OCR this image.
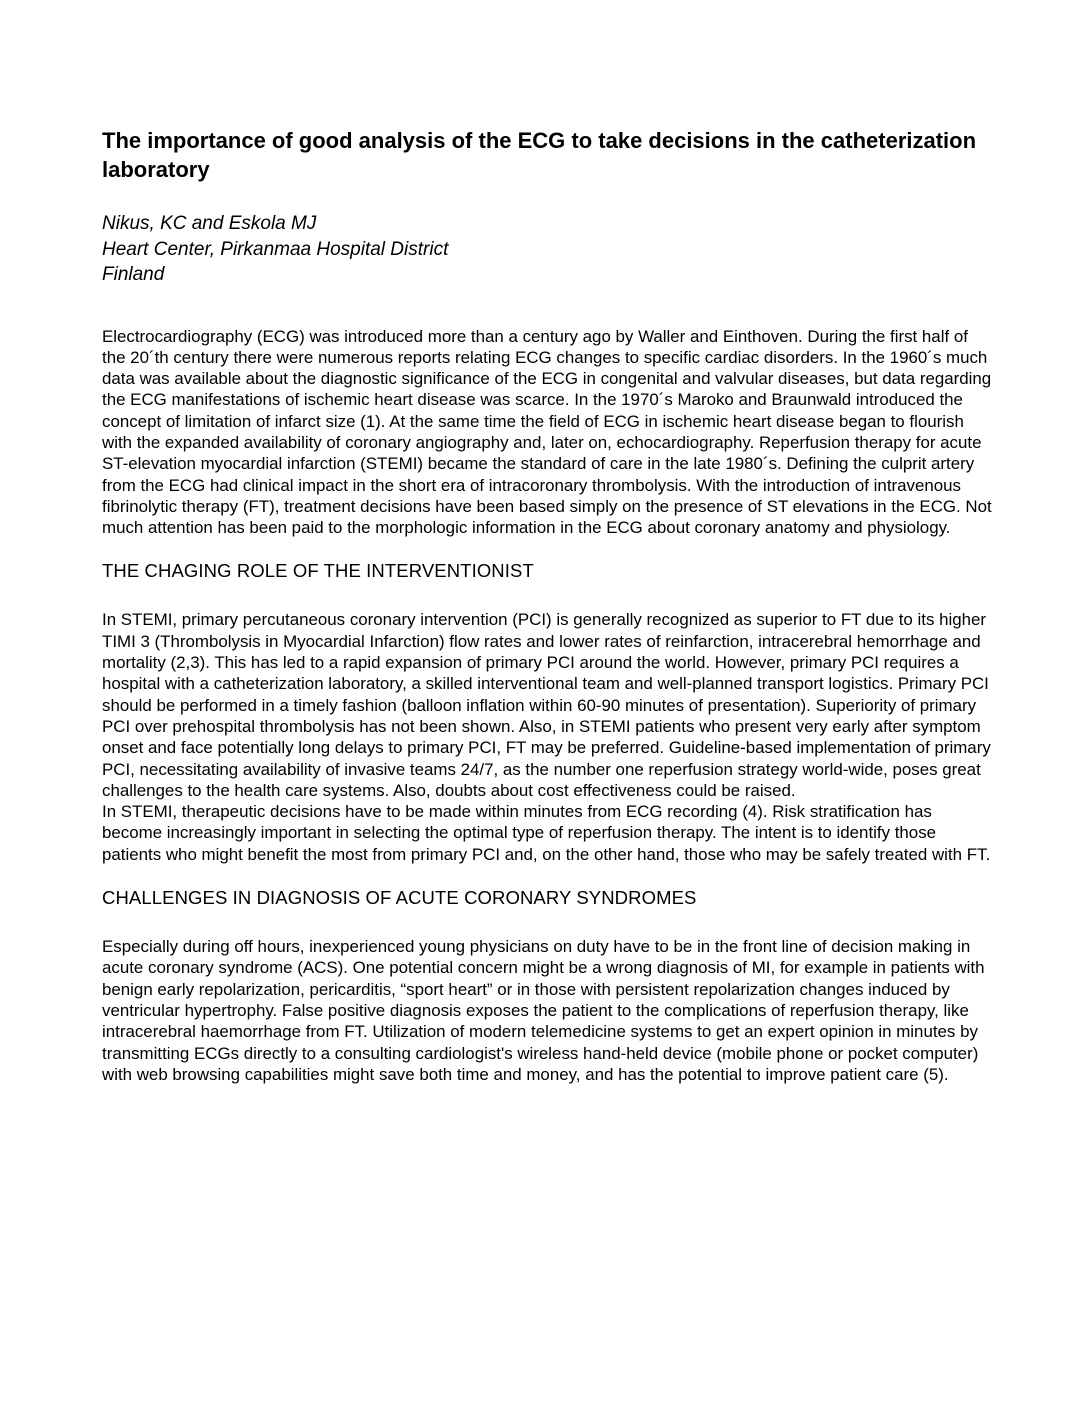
The importance of good analysis of the ECG to take decisions in the catheterization laboratory
Nikus, KC and Eskola MJ
Heart Center, Pirkanmaa Hospital District
Finland

Electrocardiography (ECG) was introduced more than a century ago by Waller and Einthoven. During the first half of the 20´th century there were numerous reports relating ECG changes to specific cardiac disorders. In the 1960´s much data was available about the diagnostic significance of the ECG in congenital and valvular diseases, but data regarding the ECG manifestations of ischemic heart disease was scarce. In the 1970´s Maroko and Braunwald introduced the concept of limitation of infarct size (1). At the same time the field of ECG in ischemic heart disease began to flourish with the expanded availability of coronary angiography and, later on, echocardiography. Reperfusion therapy for acute ST-elevation myocardial infarction (STEMI) became the standard of care in the late 1980´s. Defining the culprit artery from the ECG had clinical impact in the short era of intracoronary thrombolysis. With the introduction of intravenous fibrinolytic therapy (FT), treatment decisions have been based simply on the presence of ST elevations in the ECG. Not much attention has been paid to the morphologic information in the ECG about coronary anatomy and physiology.

THE CHAGING ROLE OF THE INTERVENTIONIST

In STEMI, primary percutaneous coronary intervention (PCI) is generally recognized as superior to FT due to its higher TIMI 3 (Thrombolysis in Myocardial Infarction) flow rates and lower rates of reinfarction, intracerebral hemorrhage and mortality (2,3). This has led to a rapid expansion of primary PCI around the world. However, primary PCI requires a hospital with a catheterization laboratory, a skilled interventional team and well-planned transport logistics. Primary PCI should be performed in a timely fashion (balloon inflation within 60-90 minutes of presentation). Superiority of primary PCI over prehospital thrombolysis has not been shown. Also, in STEMI patients who present very early after symptom onset and face potentially long delays to primary PCI, FT may be preferred. Guideline-based implementation of primary PCI, necessitating availability of invasive teams 24/7, as the number one reperfusion strategy world-wide, poses great challenges to the health care systems. Also, doubts about cost effectiveness could be raised.

In STEMI, therapeutic decisions have to be made within minutes from ECG recording (4). Risk stratification has become increasingly important in selecting the optimal type of reperfusion therapy. The intent is to identify those patients who might benefit the most from primary PCI and, on the other hand, those who may be safely treated with FT.

CHALLENGES IN DIAGNOSIS OF ACUTE CORONARY SYNDROMES

Especially during off hours, inexperienced young physicians on duty have to be in the front line of decision making in acute coronary syndrome (ACS). One potential concern might be a wrong diagnosis of MI, for example in patients with benign early repolarization, pericarditis, “sport heart” or in those with persistent repolarization changes induced by ventricular hypertrophy. False positive diagnosis exposes the patient to the complications of reperfusion therapy, like intracerebral haemorrhage from FT. Utilization of modern telemedicine systems to get an expert opinion in minutes by transmitting ECGs directly to a consulting cardiologist's wireless hand-held device (mobile phone or pocket computer) with web browsing capabilities might save both time and money, and has the potential to improve patient care (5).
